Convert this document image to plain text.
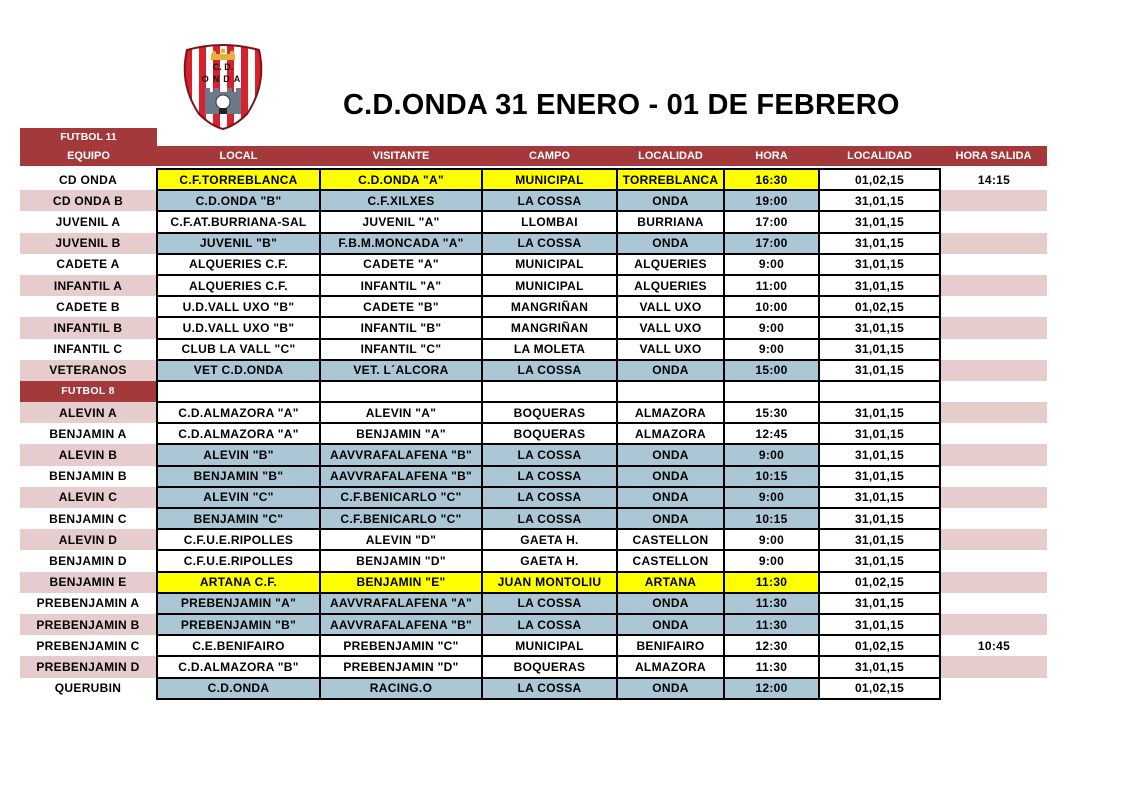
C. D.
ONDA
C.D.ONDA 31 ENERO - 01 DE FEBRERO
FUTBOL 11
EQUIPO	LOCAL	VISITANTE	CAMPO	LOCALIDAD	HORA	LOCALIDAD	HORA SALIDA
CD ONDA	C.F.TORREBLANCA	C.D.ONDA "A"	MUNICIPAL	TORREBLANCA	16:30	01,02,15	14:15
CD ONDA B	C.D.ONDA "B"	C.F.XILXES	LA COSSA	ONDA	19:00	31,01,15	
JUVENIL A	C.F.AT.BURRIANA-SAL	JUVENIL "A"	LLOMBAI	BURRIANA	17:00	31,01,15	
JUVENIL B	JUVENIL "B"	F.B.M.MONCADA "A"	LA COSSA	ONDA	17:00	31,01,15	
CADETE A	ALQUERIES C.F.	CADETE "A"	MUNICIPAL	ALQUERIES	9:00	31,01,15	
INFANTIL A	ALQUERIES C.F.	INFANTIL "A"	MUNICIPAL	ALQUERIES	11:00	31,01,15	
CADETE B	U.D.VALL UXO "B"	CADETE "B"	MANGRIÑAN	VALL UXO	10:00	01,02,15	
INFANTIL B	U.D.VALL UXO "B"	INFANTIL "B"	MANGRIÑAN	VALL UXO	9:00	31,01,15	
INFANTIL C	CLUB LA VALL "C"	INFANTIL "C"	LA MOLETA	VALL UXO	9:00	31,01,15	
VETERANOS	VET C.D.ONDA	VET. L´ALCORA	LA COSSA	ONDA	15:00	31,01,15	
FUTBOL 8							
ALEVIN A	C.D.ALMAZORA "A"	ALEVIN "A"	BOQUERAS	ALMAZORA	15:30	31,01,15	
BENJAMIN A	C.D.ALMAZORA "A"	BENJAMIN "A"	BOQUERAS	ALMAZORA	12:45	31,01,15	
ALEVIN B	ALEVIN "B"	AAVVRAFALAFENA "B"	LA COSSA	ONDA	9:00	31,01,15	
BENJAMIN B	BENJAMIN "B"	AAVVRAFALAFENA "B"	LA COSSA	ONDA	10:15	31,01,15	
ALEVIN C	ALEVIN "C"	C.F.BENICARLO "C"	LA COSSA	ONDA	9:00	31,01,15	
BENJAMIN C	BENJAMIN "C"	C.F.BENICARLO "C"	LA COSSA	ONDA	10:15	31,01,15	
ALEVIN D	C.F.U.E.RIPOLLES	ALEVIN "D"	GAETA H.	CASTELLON	9:00	31,01,15	
BENJAMIN D	C.F.U.E.RIPOLLES	BENJAMIN "D"	GAETA H.	CASTELLON	9:00	31,01,15	
BENJAMIN E	ARTANA C.F.	BENJAMIN "E"	JUAN MONTOLIU	ARTANA	11:30	01,02,15	
PREBENJAMIN A	PREBENJAMIN "A"	AAVVRAFALAFENA "A"	LA COSSA	ONDA	11:30	31,01,15	
PREBENJAMIN B	PREBENJAMIN "B"	AAVVRAFALAFENA "B"	LA COSSA	ONDA	11:30	31,01,15	
PREBENJAMIN C	C.E.BENIFAIRO	PREBENJAMIN "C"	MUNICIPAL	BENIFAIRO	12:30	01,02,15	10:45
PREBENJAMIN D	C.D.ALMAZORA "B"	PREBENJAMIN "D"	BOQUERAS	ALMAZORA	11:30	31,01,15	
QUERUBIN	C.D.ONDA	RACING.O	LA COSSA	ONDA	12:00	01,02,15	
